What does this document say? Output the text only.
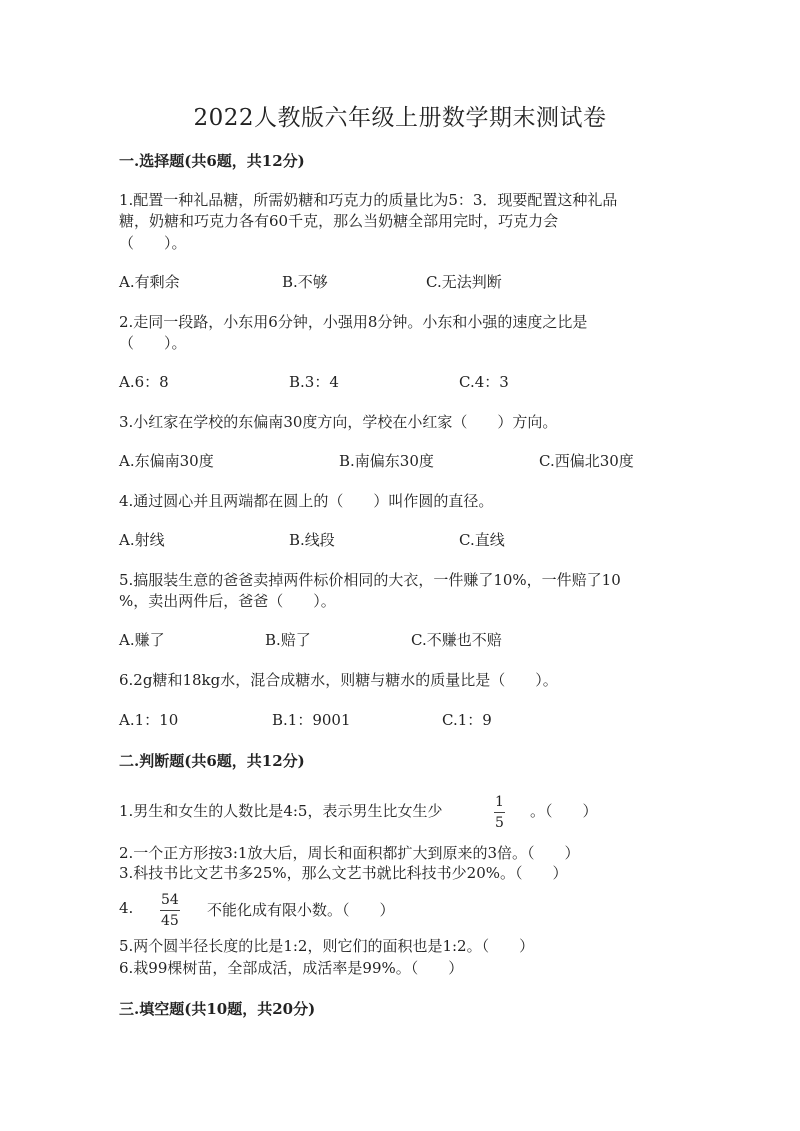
2022人教版六年级上册数学期末测试卷
一.选择题(共6题，共12分)
1.配置一种礼品糖，所需奶糖和巧克力的质量比为5：3．现要配置这种礼品
糖，奶糖和巧克力各有60千克，那么当奶糖全部用完时，巧克力会
（　　）。
A.有剩余	B.不够	C.无法判断
2.走同一段路，小东用6分钟，小强用8分钟。小东和小强的速度之比是
（　　）。
A.6：8	B.3：4	C.4：3
3.小红家在学校的东偏南30度方向，学校在小红家（　　）方向。
A.东偏南30度	B.南偏东30度	C.西偏北30度
4.通过圆心并且两端都在圆上的（　　）叫作圆的直径。
A.射线	B.线段	C.直线
5.搞服装生意的爸爸卖掉两件标价相同的大衣，一件赚了10%，一件赔了10
%，卖出两件后，爸爸（　　）。
A.赚了	B.赔了	C.不赚也不赔
6.2g糖和18kg水，混合成糖水，则糖与糖水的质量比是（　　）。
A.1：10	B.1：9001	C.1：9
二.判断题(共6题，共12分)
1.男生和女生的人数比是4:5，表示男生比女生少	1
5
。（　　）
2.一个正方形按3:1放大后，周长和面积都扩大到原来的3倍。（　　）
3.科技书比文艺书多25%，那么文艺书就比科技书少20%。（　　）
4. 54
45
不能化成有限小数。（　　）
5.两个圆半径长度的比是1:2，则它们的面积也是1:2。（　　）
6.栽99棵树苗，全部成活，成活率是99%。（　　）
三.填空题(共10题，共20分)
